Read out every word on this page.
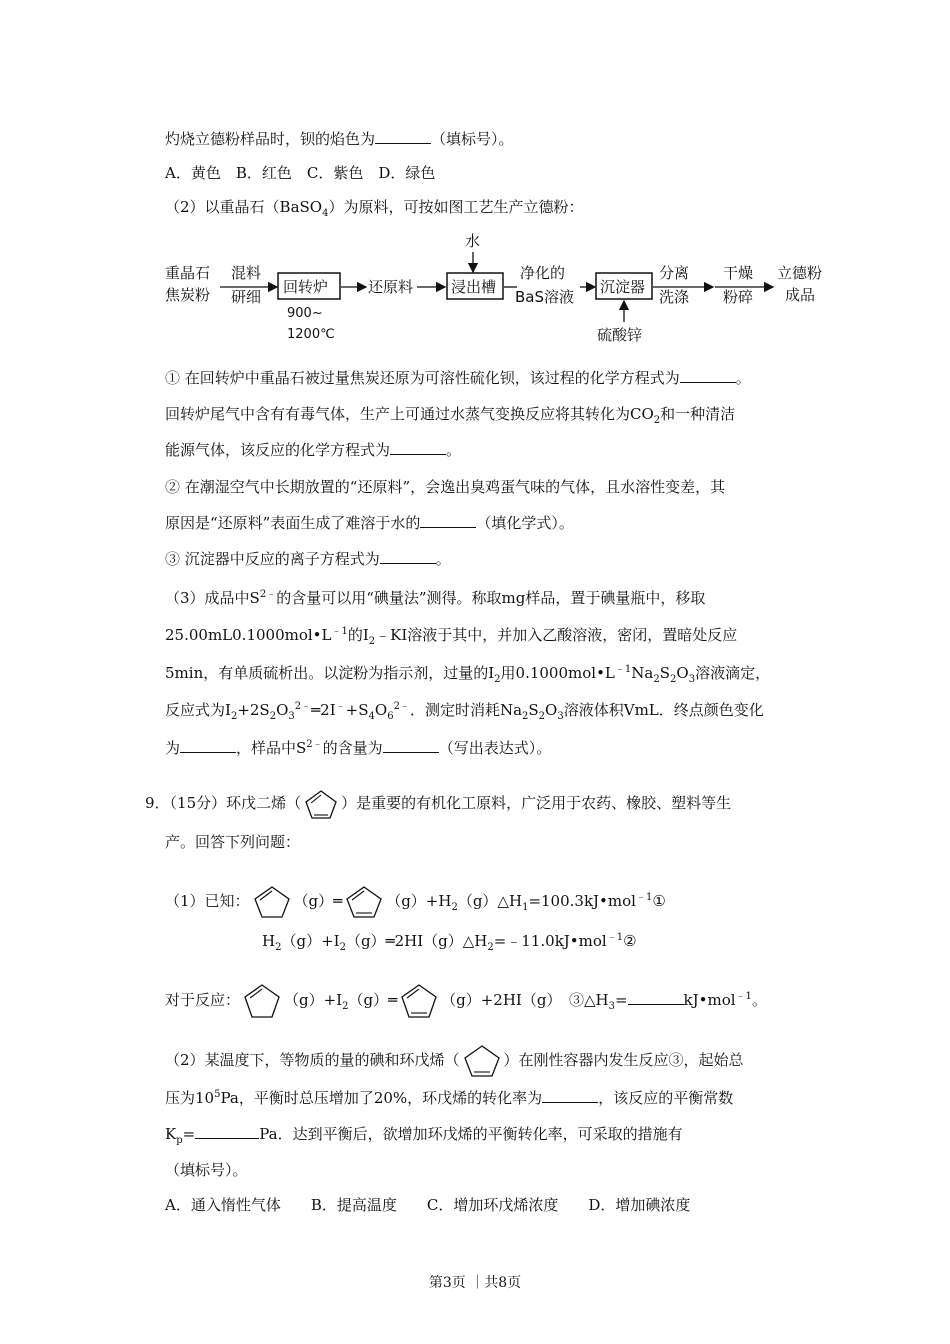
灼烧立德粉样品时，钡的焰色为	（填标号）。
A．黄色　B．红色　C．紫色　D．绿色
（2）以重晶石（BaSO$_4$）为原料，可按如图工艺生产立德粉：
重晶石
焦炭粉
混料
研细
回转炉
900~
1200℃
还原料
水
浸出槽
净化的
BaS溶液
沉淀器
硫酸锌
分离
洗涤
干燥
粉碎
立德粉
成品
① 在回转炉中重晶石被过量焦炭还原为可溶性硫化钡，该过程的化学方程式为	。
回转炉尾气中含有有毒气体，生产上可通过水蒸气变换反应将其转化为$CO_2$和一种清洁
能源气体，该反应的化学方程式为	。
② 在潮湿空气中长期放置的“还原料”，会逸出臭鸡蛋气味的气体，且水溶性变差，其
原因是“还原料”表面生成了难溶于水的	（填化学式）。
③ 沉淀器中反应的离子方程式为	。
（3）成品中$S^{2﹣}$的含量可以用“碘量法”测得。称取mg样品，置于碘量瓶中，移取
$25.00mL0.1000mol•L^{﹣1}$的$I_2﹣KI$溶液于其中，并加入乙酸溶液，密闭，置暗处反应
5min，有单质硫析出。以淀粉为指示剂，过量的$I_2$用$0.1000mol•L^{﹣1}Na_2S_2O_3$溶液滴定，
反应式为$I_2+2S_2O_3^{2﹣}═2I^﹣+S_4O_6^{2﹣}$．测定时消耗$Na_2S_2O_3$溶液体积VmL．终点颜色变化
为	，样品中$S^{2﹣}$的含量为	（写出表达式）。
9．（15分）环戊二烯（	）是重要的有机化工原料，广泛用于农药、橡胶、塑料等生
产。回答下列问题：
（1）已知：	（g）═	$(g)+H_2(g)\triangle H_1=100.3kJ•mol^{﹣1}①$
$H_2(g)+I_2(g)═2HI(g)\triangle H_2=﹣11.0kJ•mol^{﹣1}②$
对于反应：	$(g)+I_2(g)═$	（g）+2HI（g）　$③\triangle H_3=$	kJ•mol$^{﹣1}$。
（2）某温度下，等物质的量的碘和环戊烯（	）在刚性容器内发生反应③，起始总
压为$10^5Pa$，平衡时总压增加了20%，环戊烯的转化率为	，该反应的平衡常数
$K_p=$	Pa．达到平衡后，欲增加环戊烯的平衡转化率，可采取的措施有
（填标号）。
A．通入惰性气体　　B．提高温度　　C．增加环戊烯浓度　　D．增加碘浓度
第3页 ｜共8页
